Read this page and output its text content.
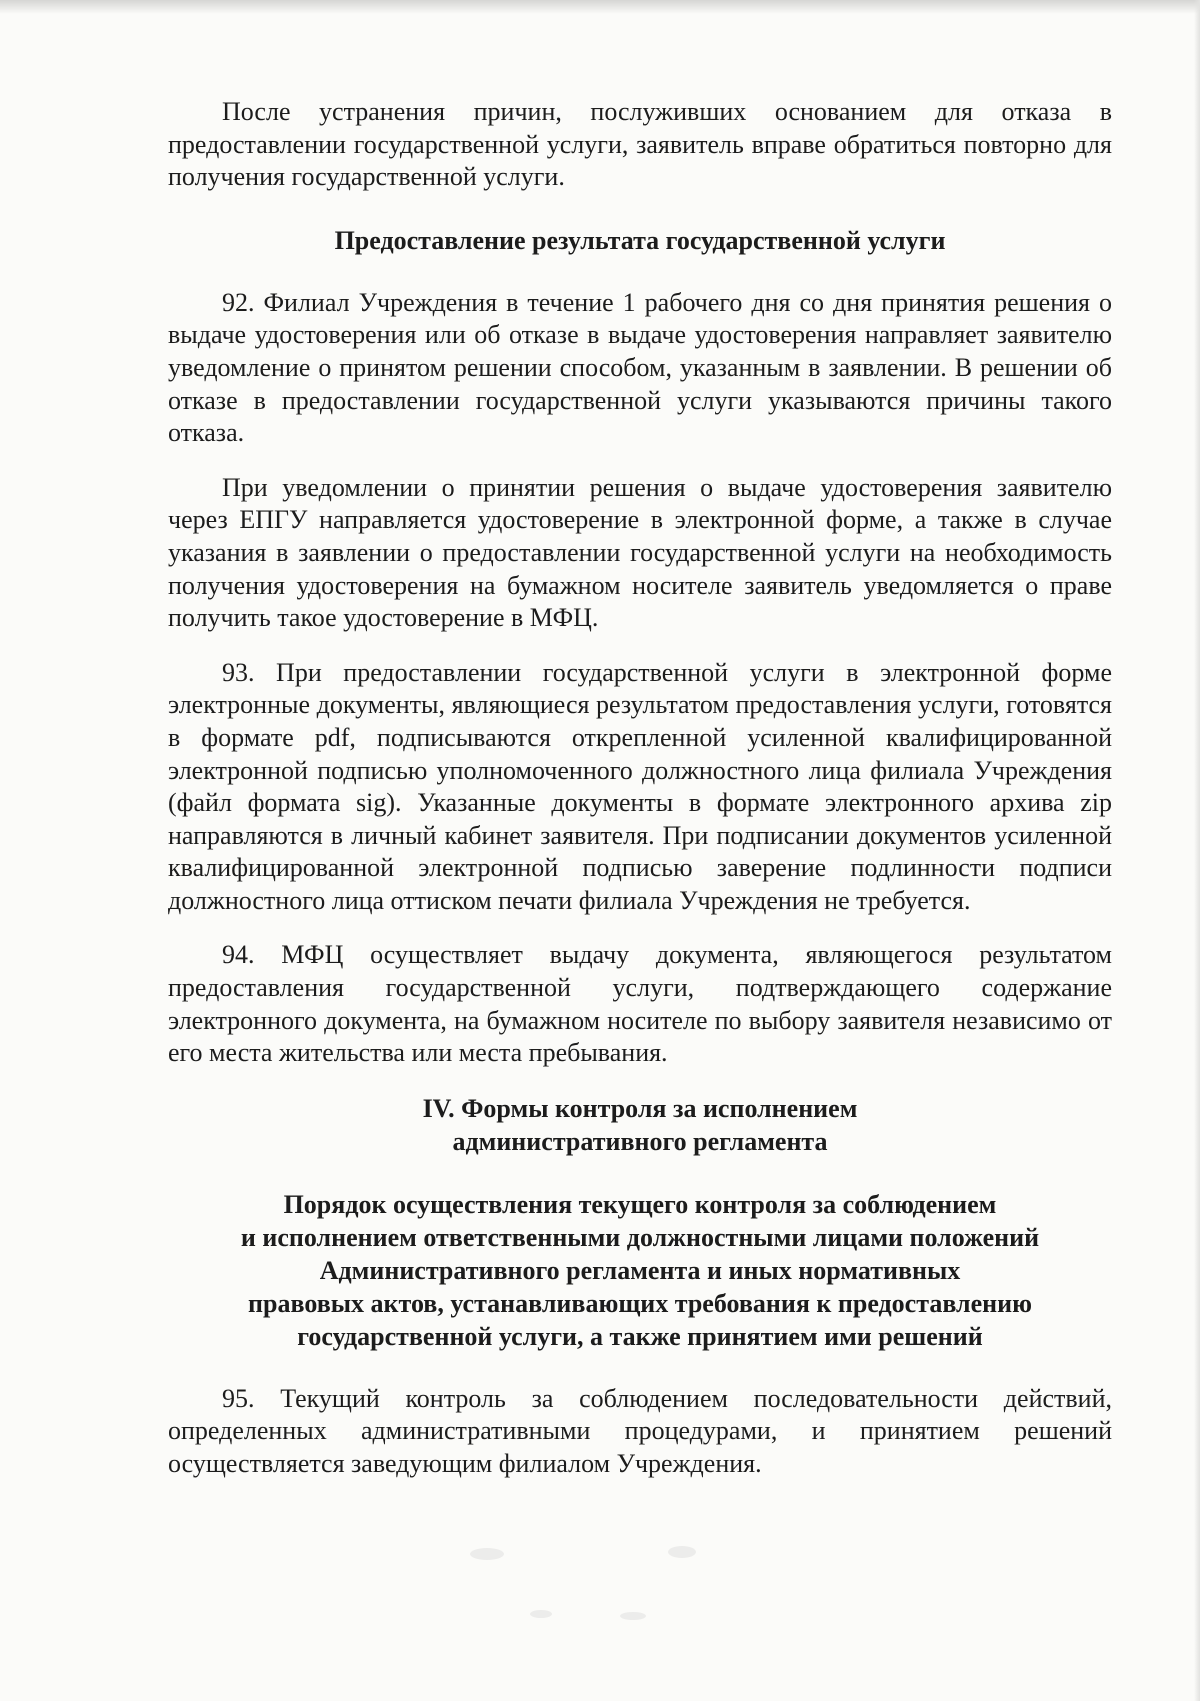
После устранения причин, послуживших основанием для отказа в предоставлении государственной услуги, заявитель вправе обратиться повторно для получения государственной услуги.

Предоставление результата государственной услуги

92. Филиал Учреждения в течение 1 рабочего дня со дня принятия решения о выдаче удостоверения или об отказе в выдаче удостоверения направляет заявителю уведомление о принятом решении способом, указанным в заявлении. В решении об отказе в предоставлении государственной услуги указываются причины такого отказа.

При уведомлении о принятии решения о выдаче удостоверения заявителю через ЕПГУ направляется удостоверение в электронной форме, а также в случае указания в заявлении о предоставлении государственной услуги на необходимость получения удостоверения на бумажном носителе заявитель уведомляется о праве получить такое удостоверение в МФЦ.

93. При предоставлении государственной услуги в электронной форме электронные документы, являющиеся результатом предоставления услуги, готовятся в формате pdf, подписываются открепленной усиленной квалифицированной электронной подписью уполномоченного должностного лица филиала Учреждения (файл формата sig). Указанные документы в формате электронного архива zip направляются в личный кабинет заявителя. При подписании документов усиленной квалифицированной электронной подписью заверение подлинности подписи должностного лица оттиском печати филиала Учреждения не требуется.

94. МФЦ осуществляет выдачу документа, являющегося результатом предоставления государственной услуги, подтверждающего содержание электронного документа, на бумажном носителе по выбору заявителя независимо от его места жительства или места пребывания.

IV. Формы контроля за исполнением

административного регламента

Порядок осуществления текущего контроля за соблюдением

и исполнением ответственными должностными лицами положений

Административного регламента и иных нормативных

правовых актов, устанавливающих требования к предоставлению

государственной услуги, а также принятием ими решений

95. Текущий контроль за соблюдением последовательности действий, определенных административными процедурами, и принятием решений осуществляется заведующим филиалом Учреждения.
